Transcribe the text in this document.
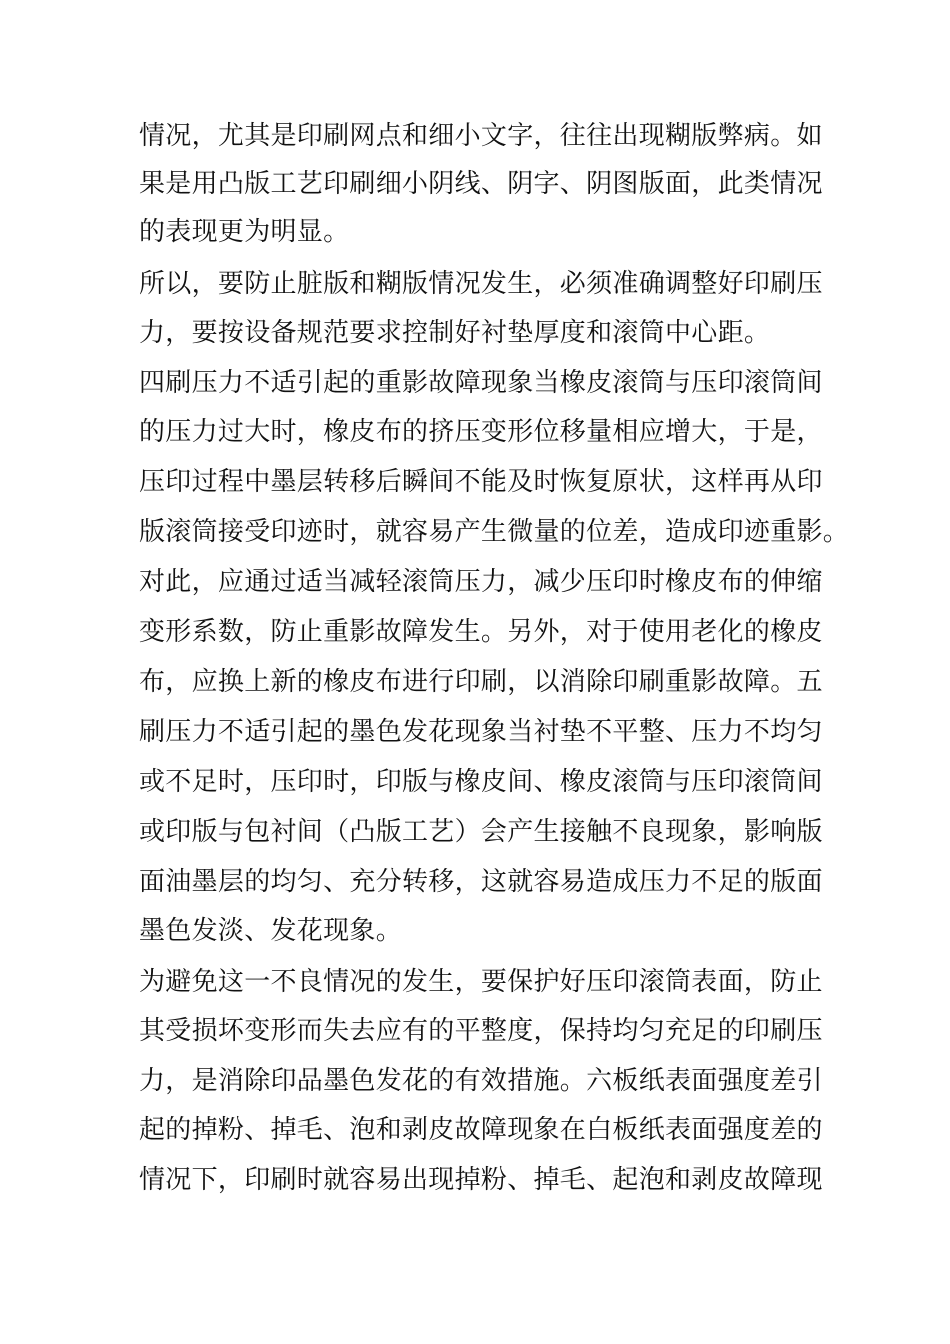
情况，尤其是印刷网点和细小文字，往往出现糊版弊病。如
果是用凸版工艺印刷细小阴线、阴字、阴图版面，此类情况
的表现更为明显。
所以，要防止脏版和糊版情况发生，必须准确调整好印刷压
力，要按设备规范要求控制好衬垫厚度和滚筒中心距。
四刷压力不适引起的重影故障现象当橡皮滚筒与压印滚筒间
的压力过大时，橡皮布的挤压变形位移量相应增大，于是，
压印过程中墨层转移后瞬间不能及时恢复原状，这样再从印
版滚筒接受印迹时，就容易产生微量的位差，造成印迹重影。
对此，应通过适当减轻滚筒压力，减少压印时橡皮布的伸缩
变形系数，防止重影故障发生。另外，对于使用老化的橡皮
布，应换上新的橡皮布进行印刷，以消除印刷重影故障。五
刷压力不适引起的墨色发花现象当衬垫不平整、压力不均匀
或不足时，压印时，印版与橡皮间、橡皮滚筒与压印滚筒间
或印版与包衬间（凸版工艺）会产生接触不良现象，影响版
面油墨层的均匀、充分转移，这就容易造成压力不足的版面
墨色发淡、发花现象。
为避免这一不良情况的发生，要保护好压印滚筒表面，防止
其受损坏变形而失去应有的平整度，保持均匀充足的印刷压
力，是消除印品墨色发花的有效措施。六板纸表面强度差引
起的掉粉、掉毛、泡和剥皮故障现象在白板纸表面强度差的
情况下，印刷时就容易出现掉粉、掉毛、起泡和剥皮故障现
